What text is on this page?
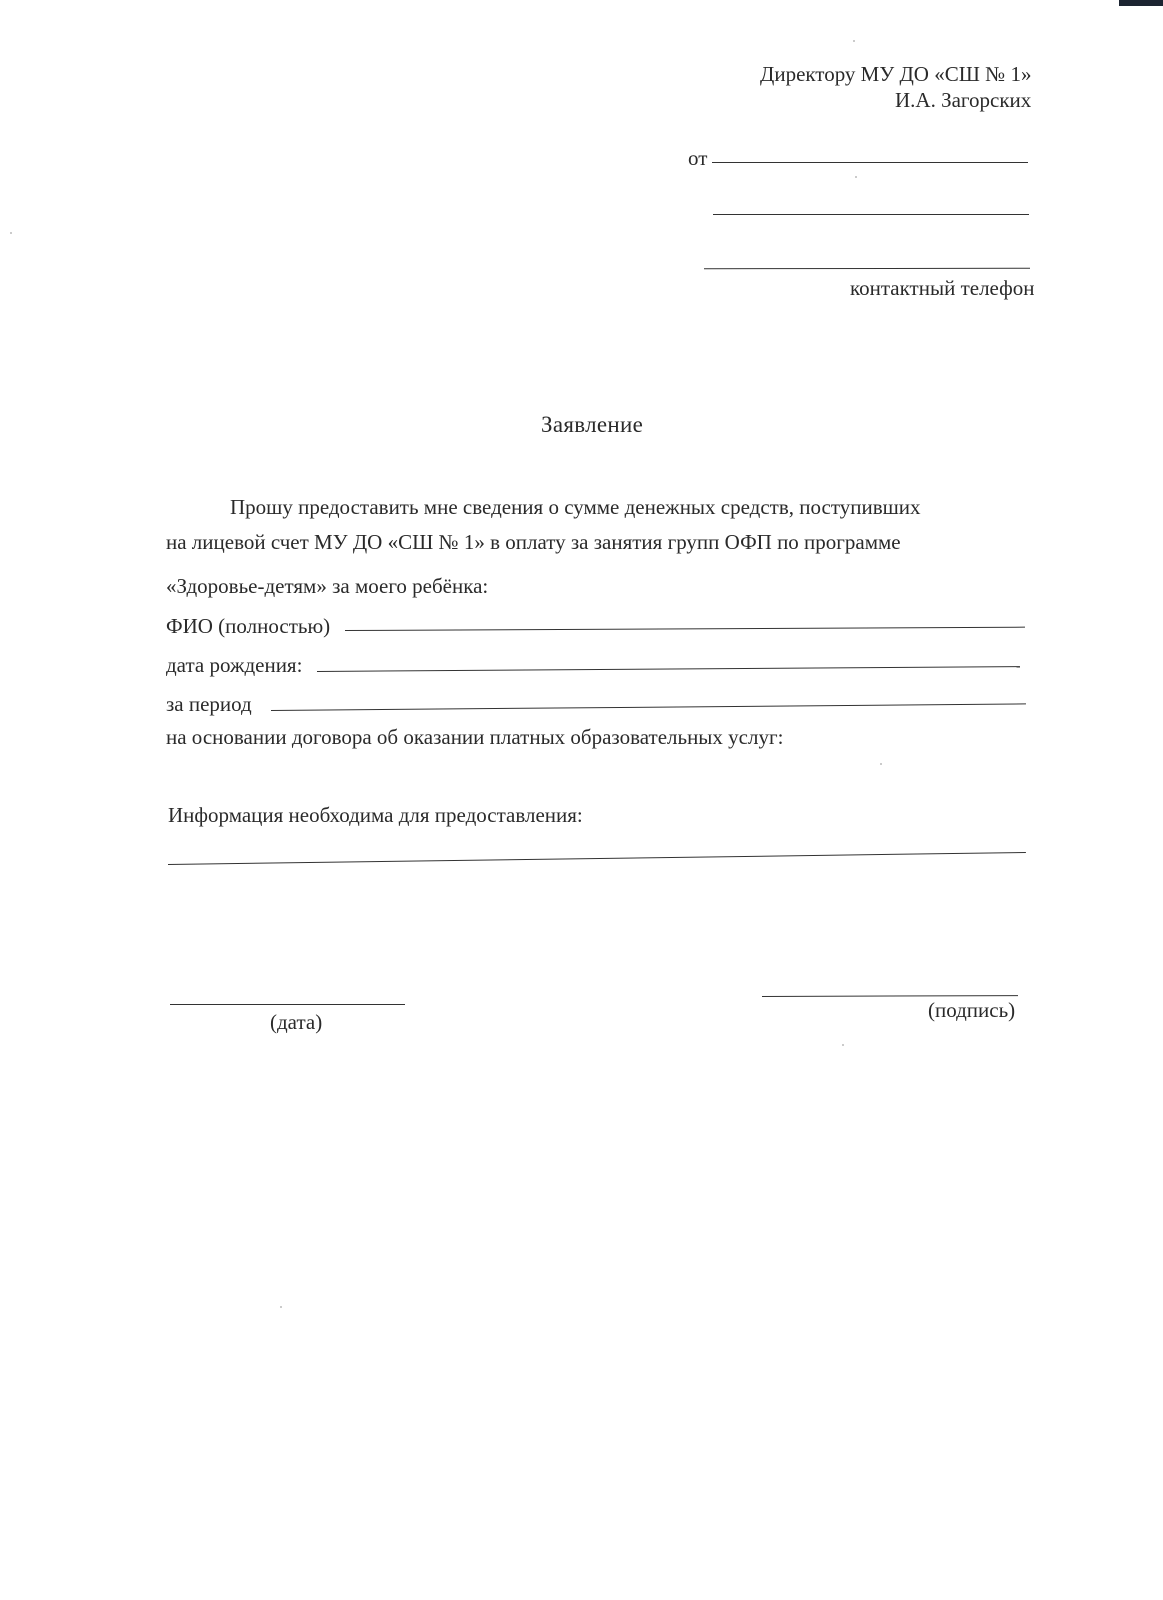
Директору МУ ДО «СШ № 1»
И.А. Загорских
от
контактный телефон
Заявление
Прошу предоставить мне сведения о сумме денежных средств, поступивших
на лицевой счет МУ ДО «СШ № 1» в оплату за занятия групп ОФП по программе
«Здоровье-детям» за моего ребёнка:
ФИО (полностью)
дата рождения:
за период
на основании договора об оказании платных образовательных услуг:
Информация необходима для предоставления:
(дата)	(подпись)
